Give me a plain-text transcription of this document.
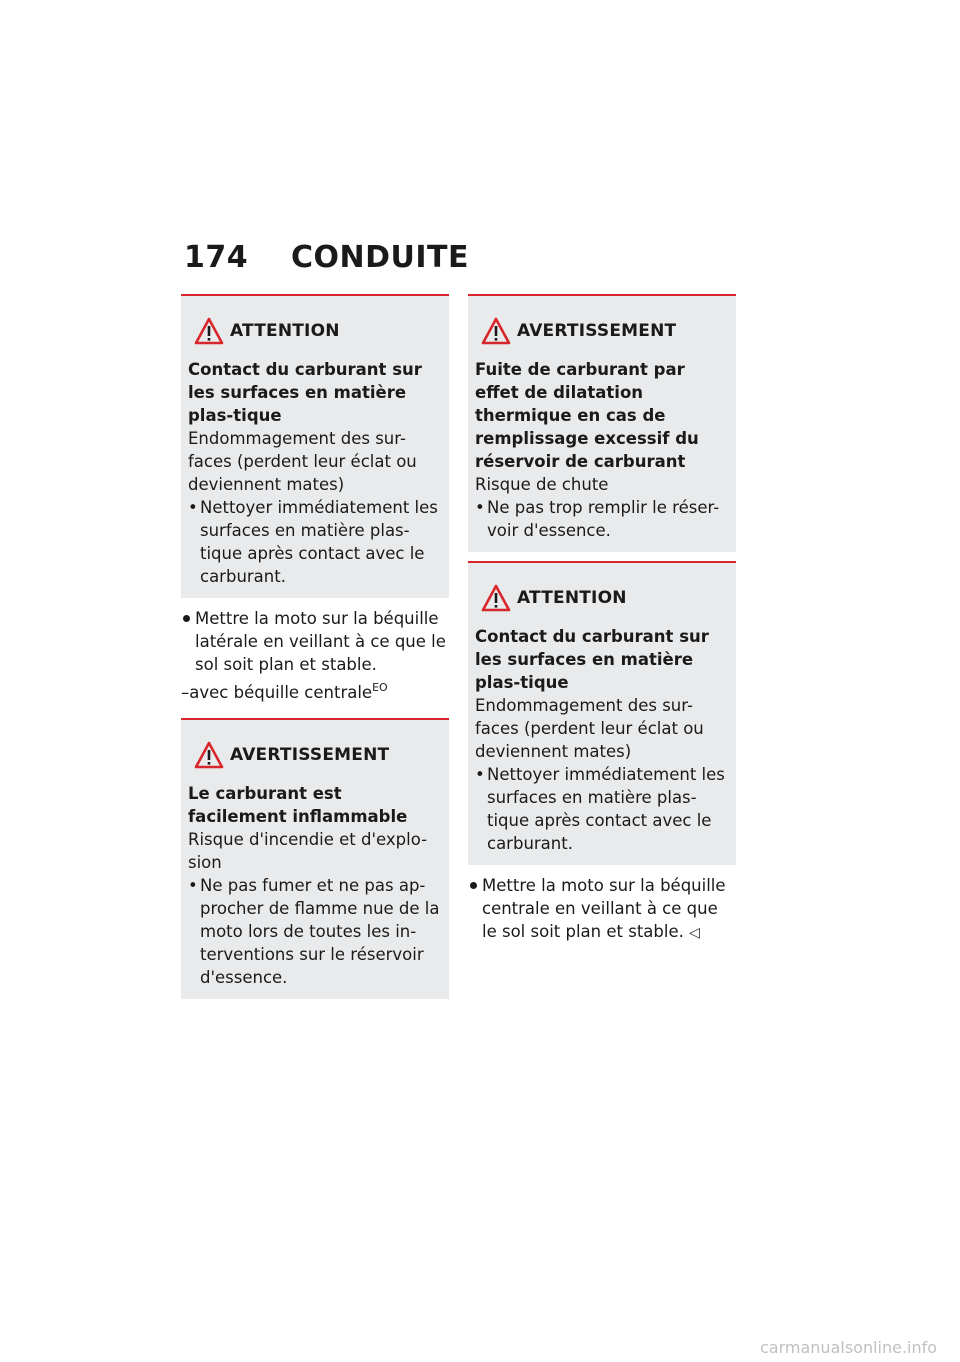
174 CONDUITE
ATTENTION
Contact du carburant sur les surfaces en matière plas-tique
Endommagement des sur-faces (perdent leur éclat ou deviennent mates)
• Nettoyer immédiatement les surfaces en matière plas-tique après contact avec le carburant.
Mettre la moto sur la béquille latérale en veillant à ce que le sol soit plan et stable.
–avec béquille centrale$^{EO}$
AVERTISSEMENT
Le carburant est facilement inflammable
Risque d'incendie et d'explo-sion
• Ne pas fumer et ne pas ap-procher de flamme nue de la moto lors de toutes les in-terventions sur le réservoir d'essence.
AVERTISSEMENT
Fuite de carburant par effet de dilatation thermique en cas de remplissage excessif du réservoir de carburant
Risque de chute
• Ne pas trop remplir le réser-voir d'essence.
ATTENTION
Contact du carburant sur les surfaces en matière plas-tique
Endommagement des sur-faces (perdent leur éclat ou deviennent mates)
• Nettoyer immédiatement les surfaces en matière plas-tique après contact avec le carburant.
Mettre la moto sur la béquille centrale en veillant à ce que le sol soit plan et stable. ◁
carmanualsonline.info
